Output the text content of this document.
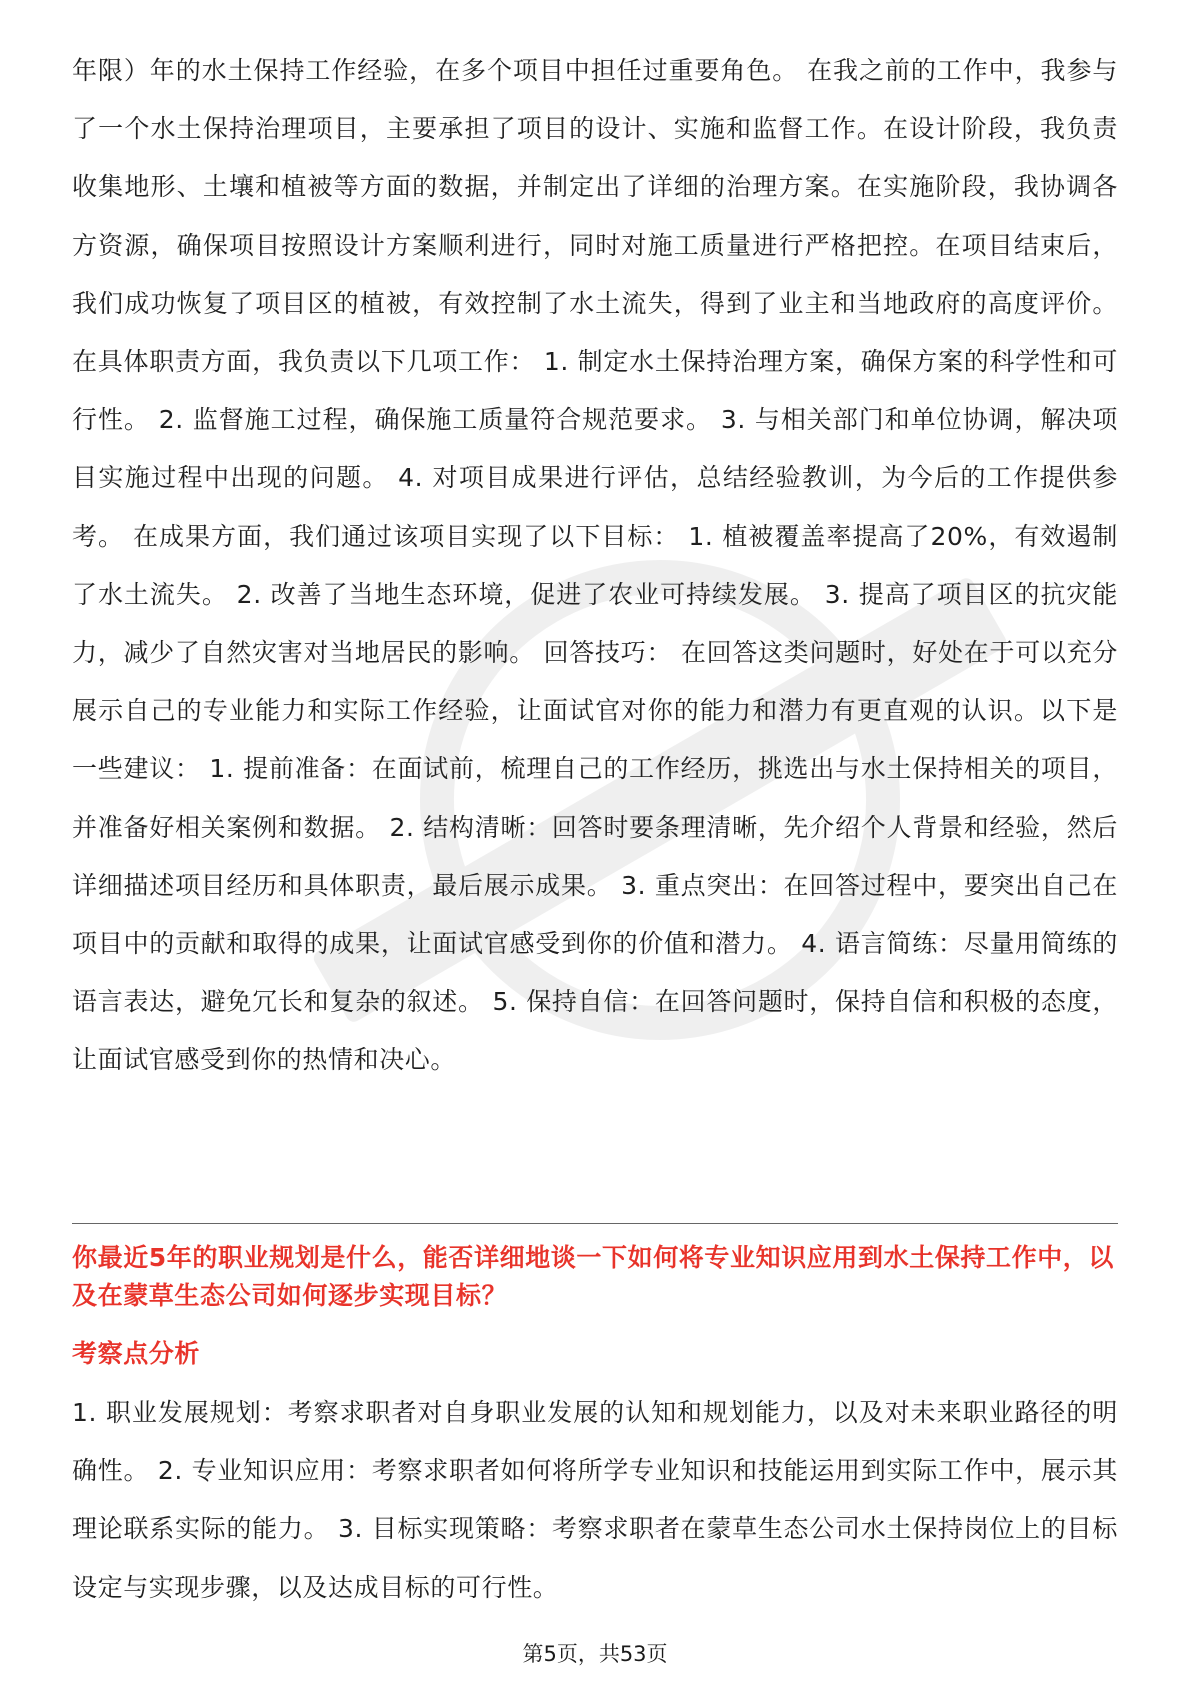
年限）年的水土保持工作经验，在多个项目中担任过重要角色。 在我之前的工作中，我参与了一个水土保持治理项目，主要承担了项目的设计、实施和监督工作。在设计阶段，我负责收集地形、土壤和植被等方面的数据，并制定出了详细的治理方案。在实施阶段，我协调各方资源，确保项目按照设计方案顺利进行，同时对施工质量进行严格把控。在项目结束后，我们成功恢复了项目区的植被，有效控制了水土流失，得到了业主和当地政府的高度评价。 在具体职责方面，我负责以下几项工作： 1. 制定水土保持治理方案，确保方案的科学性和可行性。 2. 监督施工过程，确保施工质量符合规范要求。 3. 与相关部门和单位协调，解决项目实施过程中出现的问题。 4. 对项目成果进行评估，总结经验教训，为今后的工作提供参考。 在成果方面，我们通过该项目实现了以下目标： 1. 植被覆盖率提高了20%，有效遏制了水土流失。 2. 改善了当地生态环境，促进了农业可持续发展。 3. 提高了项目区的抗灾能力，减少了自然灾害对当地居民的影响。 回答技巧： 在回答这类问题时，好处在于可以充分展示自己的专业能力和实际工作经验，让面试官对你的能力和潜力有更直观的认识。以下是一些建议： 1. 提前准备：在面试前，梳理自己的工作经历，挑选出与水土保持相关的项目，并准备好相关案例和数据。 2. 结构清晰：回答时要条理清晰，先介绍个人背景和经验，然后详细描述项目经历和具体职责，最后展示成果。 3. 重点突出：在回答过程中，要突出自己在项目中的贡献和取得的成果，让面试官感受到你的价值和潜力。 4. 语言简练：尽量用简练的语言表达，避免冗长和复杂的叙述。 5. 保持自信：在回答问题时，保持自信和积极的态度，让面试官感受到你的热情和决心。

你最近5年的职业规划是什么，能否详细地谈一下如何将专业知识应用到水土保持工作中，以及在蒙草生态公司如何逐步实现目标？

考察点分析

1. 职业发展规划：考察求职者对自身职业发展的认知和规划能力，以及对未来职业路径的明确性。 2. 专业知识应用：考察求职者如何将所学专业知识和技能运用到实际工作中，展示其理论联系实际的能力。 3. 目标实现策略：考察求职者在蒙草生态公司水土保持岗位上的目标设定与实现步骤，以及达成目标的可行性。

第5页，共53页
